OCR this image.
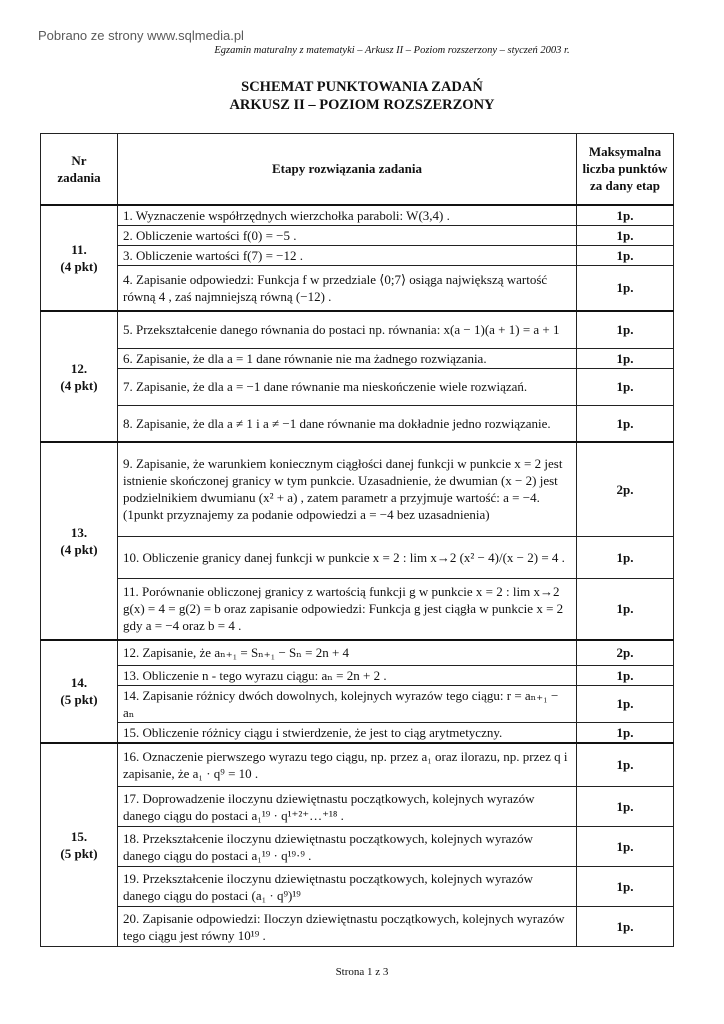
Pobrano ze strony www.sqlmedia.pl
Egzamin maturalny z matematyki – Arkusz II – Poziom rozszerzony – styczeń 2003 r.
SCHEMAT PUNKTOWANIA ZADAŃ
ARKUSZ II – POZIOM ROZSZERZONY
Nr
zadania	Etapy rozwiązania zadania	Maksymalna liczba punktów za dany etap

11.
(4 pkt)	1. Wyznaczenie współrzędnych wierzchołka paraboli: W(3,4) .	1p.
	2. Obliczenie wartości f(0) = −5 .	1p.
	3. Obliczenie wartości f(7) = −12 .	1p.
	4. Zapisanie odpowiedzi: Funkcja f w przedziale ⟨0;7⟩ osiąga największą wartość równą 4 , zaś najmniejszą równą (−12) .	1p.

12.
(4 pkt)	5. Przekształcenie danego równania do postaci np. równania: x(a − 1)(a + 1) = a + 1	1p.
	6. Zapisanie, że dla a = 1 dane równanie nie ma żadnego rozwiązania.	1p.
	7. Zapisanie, że dla a = −1 dane równanie ma nieskończenie wiele rozwiązań.	1p.
	8. Zapisanie, że dla a ≠ 1 i a ≠ −1 dane równanie ma dokładnie jedno rozwiązanie.	1p.

13.
(4 pkt)	9. Zapisanie, że warunkiem koniecznym ciągłości danej funkcji w punkcie x = 2 jest istnienie skończonej granicy w tym punkcie. Uzasadnienie, że dwumian (x − 2) jest podzielnikiem dwumianu (x² + a) , zatem parametr a przyjmuje wartość: a = −4. (1punkt przyznajemy za podanie odpowiedzi a = −4 bez uzasadnienia)	2p.
	10. Obliczenie granicy danej funkcji w punkcie x = 2 : lim x→2 (x² − 4)/(x − 2) = 4 .	1p.
	11. Porównanie obliczonej granicy z wartością funkcji g w punkcie x = 2 : lim x→2 g(x) = 4 = g(2) = b oraz zapisanie odpowiedzi: Funkcja g jest ciągła w punkcie x = 2 gdy a = −4 oraz b = 4 .	1p.

14.
(5 pkt)	12. Zapisanie, że aₙ₊₁ = Sₙ₊₁ − Sₙ = 2n + 4	2p.
	13. Obliczenie n - tego wyrazu ciągu: aₙ = 2n + 2 .	1p.
	14. Zapisanie różnicy dwóch dowolnych, kolejnych wyrazów tego ciągu: r = aₙ₊₁ − aₙ	1p.
	15. Obliczenie różnicy ciągu i stwierdzenie, że jest to ciąg arytmetyczny.	1p.

15.
(5 pkt)	16. Oznaczenie pierwszego wyrazu tego ciągu, np. przez a₁ oraz ilorazu, np. przez q i zapisanie, że a₁ · q⁹ = 10 .	1p.
	17. Doprowadzenie iloczynu dziewiętnastu początkowych, kolejnych wyrazów danego ciągu do postaci a₁¹⁹ · q¹⁺²⁺…⁺¹⁸ .	1p.
	18. Przekształcenie iloczynu dziewiętnastu początkowych, kolejnych wyrazów danego ciągu do postaci a₁¹⁹ · q¹⁹·⁹ .	1p.
	19. Przekształcenie iloczynu dziewiętnastu początkowych, kolejnych wyrazów danego ciągu do postaci (a₁ · q⁹)¹⁹	1p.
	20. Zapisanie odpowiedzi: Iloczyn dziewiętnastu początkowych, kolejnych wyrazów tego ciągu jest równy 10¹⁹ .	1p.
Strona 1 z 3
